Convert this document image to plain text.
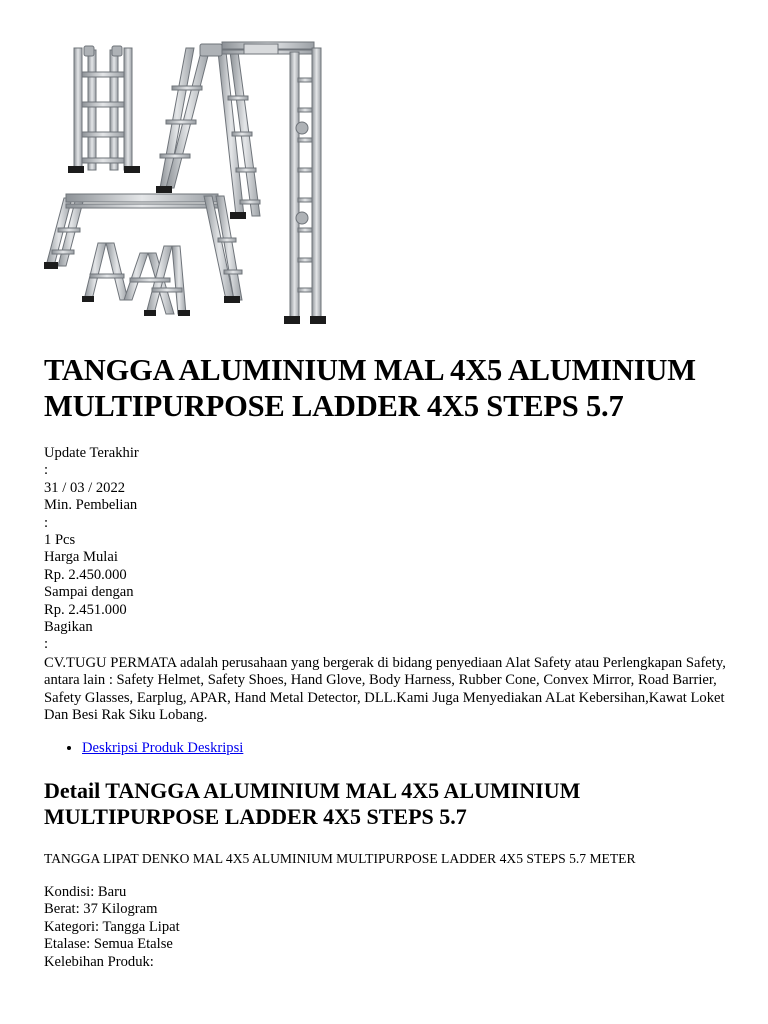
TANGGA ALUMINIUM MAL 4X5 ALUMINIUM MULTIPURPOSE LADDER 4X5 STEPS 5.7
Update Terakhir
:
31 / 03 / 2022
Min. Pembelian
:
1 Pcs
Harga Mulai
Rp. 2.450.000
Sampai dengan
Rp. 2.451.000
Bagikan
:

CV.TUGU PERMATA adalah perusahaan yang bergerak di bidang penyediaan Alat Safety atau Perlengkapan Safety, antara lain : Safety Helmet, Safety Shoes, Hand Glove, Body Harness, Rubber Cone, Convex Mirror, Road Barrier, Safety Glasses, Earplug, APAR, Hand Metal Detector, DLL.Kami Juga Menyediakan ALat Kebersihan,Kawat Loket Dan Besi Rak Siku Lobang.

• Deskripsi Produk Deskripsi
Detail TANGGA ALUMINIUM MAL 4X5 ALUMINIUM MULTIPURPOSE LADDER 4X5 STEPS 5.7
TANGGA LIPAT DENKO MAL 4X5 ALUMINIUM MULTIPURPOSE LADDER 4X5 STEPS 5.7 METER
Kondisi: Baru
Berat: 37 Kilogram
Kategori: Tangga Lipat
Etalase: Semua Etalse
Kelebihan Produk:
